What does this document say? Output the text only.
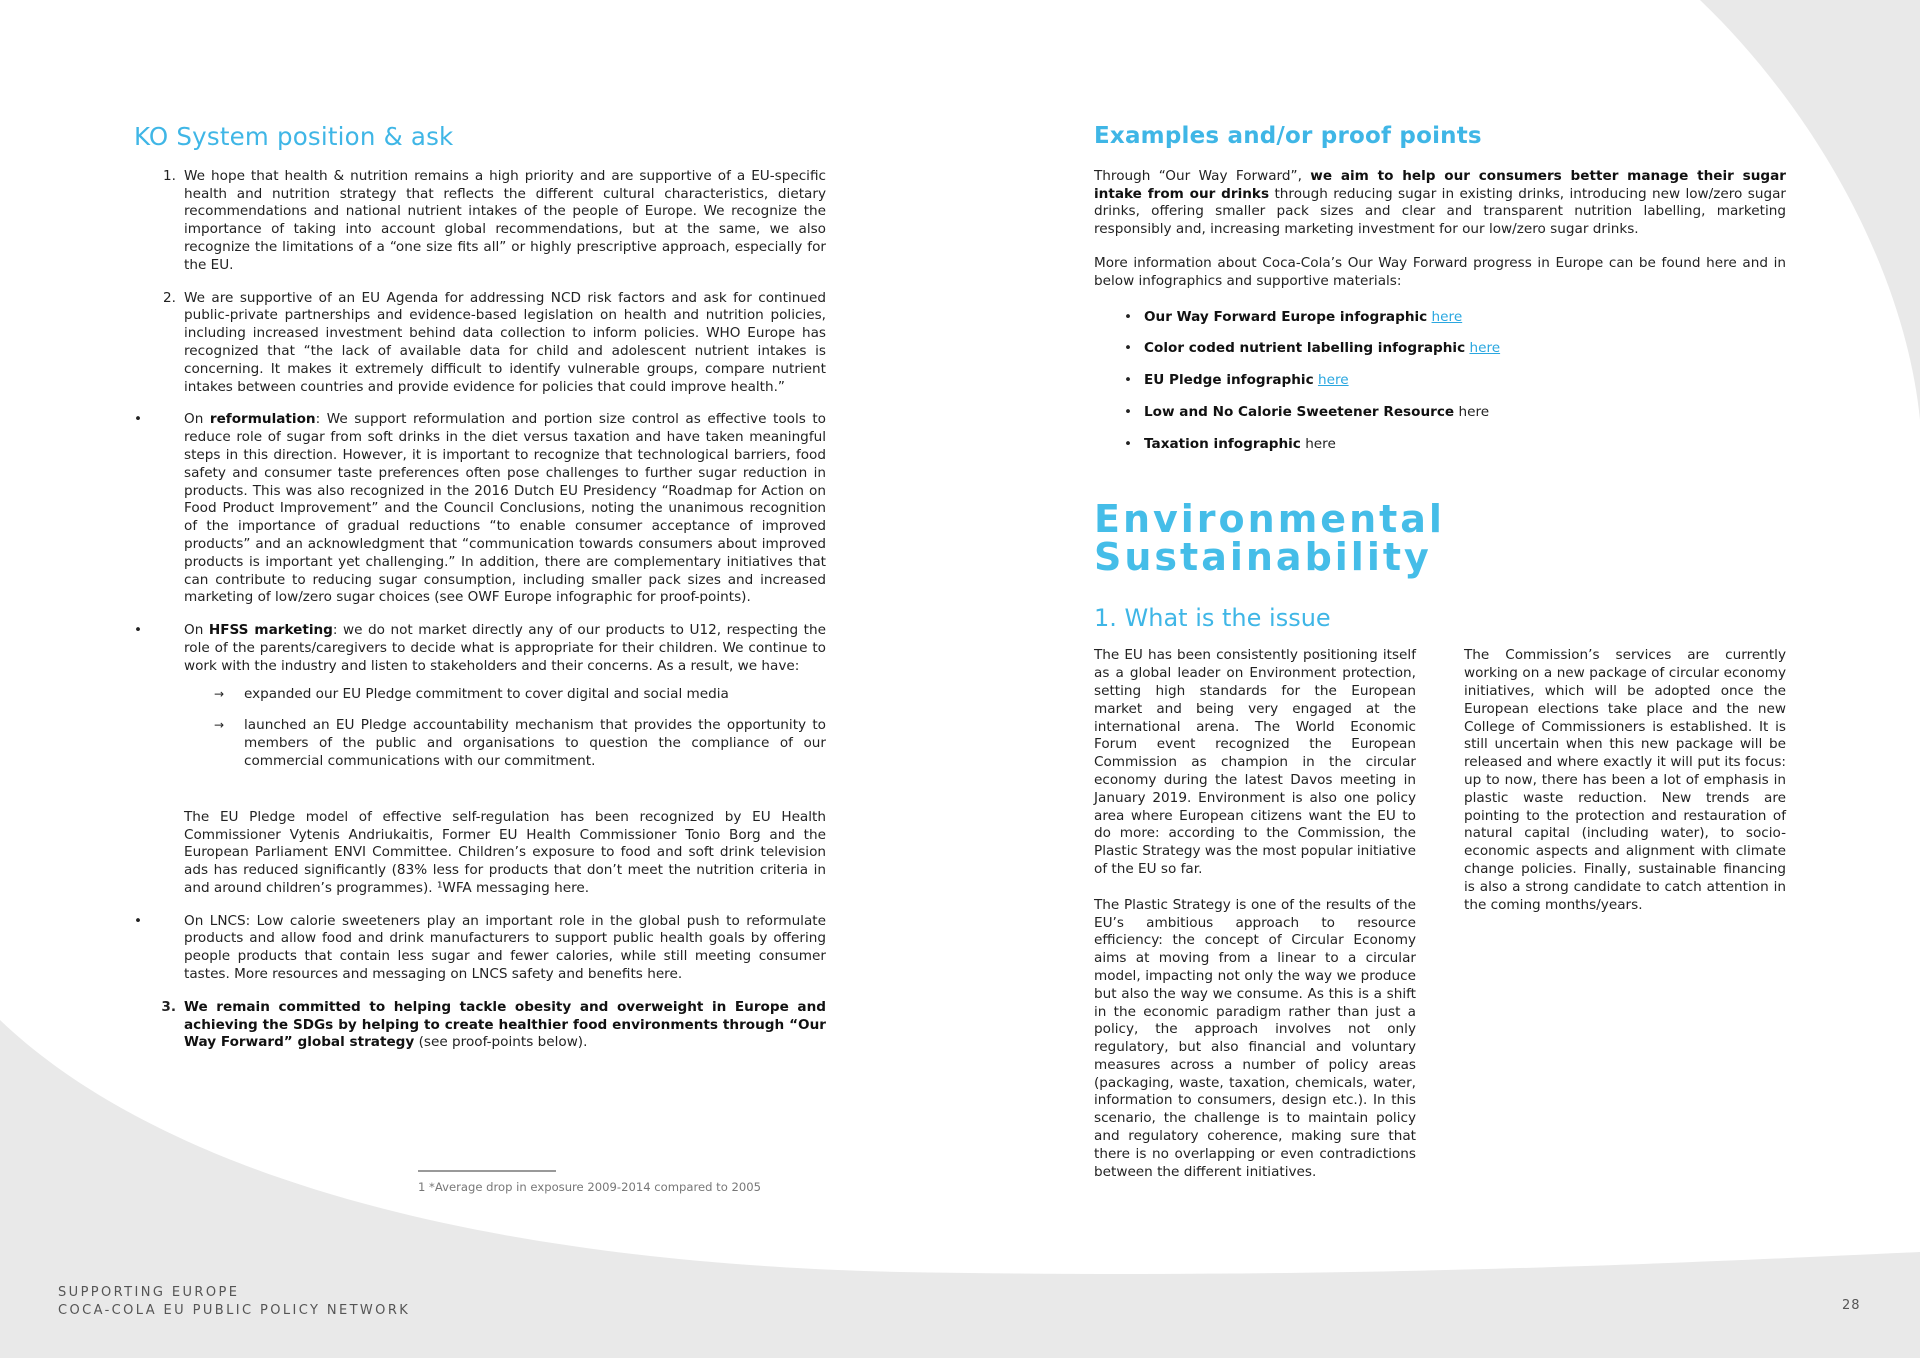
KO System position & ask
1. We hope that health & nutrition remains a high priority and are supportive of a EU-specific health and nutrition strategy that reflects the different cultural characteristics, dietary recommendations and national nutrient intakes of the people of Europe. We recognize the importance of taking into account global recommendations, but at the same, we also recognize the limitations of a “one size fits all” or highly prescriptive approach, especially for the EU.
2. We are supportive of an EU Agenda for addressing NCD risk factors and ask for continued public-private partnerships and evidence-based legislation on health and nutrition policies, including increased investment behind data collection to inform policies. WHO Europe has recognized that “the lack of available data for child and adolescent nutrient intakes is concerning. It makes it extremely difficult to identify vulnerable groups, compare nutrient intakes between countries and provide evidence for policies that could improve health.”
•	On reformulation: We support reformulation and portion size control as effective tools to reduce role of sugar from soft drinks in the diet versus taxation and have taken meaningful steps in this direction. However, it is important to recognize that technological barriers, food safety and consumer taste preferences often pose challenges to further sugar reduction in products. This was also recognized in the 2016 Dutch EU Presidency “Roadmap for Action on Food Product Improvement” and the Council Conclusions, noting the unanimous recognition of the importance of gradual reductions “to enable consumer acceptance of improved products” and an acknowledgment that “communication towards consumers about improved products is important yet challenging.” In addition, there are complementary initiatives that can contribute to reducing sugar consumption, including smaller pack sizes and increased marketing of low/zero sugar choices (see OWF Europe infographic for proof-points).
•	On HFSS marketing: we do not market directly any of our products to U12, respecting the role of the parents/caregivers to decide what is appropriate for their children. We continue to work with the industry and listen to stakeholders and their concerns. As a result, we have:
→ expanded our EU Pledge commitment to cover digital and social media
→ launched an EU Pledge accountability mechanism that provides the opportunity to members of the public and organisations to question the compliance of our commercial communications with our commitment.
The EU Pledge model of effective self-regulation has been recognized by EU Health Commissioner Vytenis Andriukaitis, Former EU Health Commissioner Tonio Borg and the European Parliament ENVI Committee. Children’s exposure to food and soft drink television ads has reduced significantly (83% less for products that don’t meet the nutrition criteria in and around children’s programmes). ¹WFA messaging here.
•	On LNCS: Low calorie sweeteners play an important role in the global push to reformulate products and allow food and drink manufacturers to support public health goals by offering people products that contain less sugar and fewer calories, while still meeting consumer tastes. More resources and messaging on LNCS safety and benefits here.
3. We remain committed to helping tackle obesity and overweight in Europe and achieving the SDGs by helping to create healthier food environments through “Our Way Forward” global strategy (see proof-points below).
1 *Average drop in exposure 2009-2014 compared to 2005
Examples and/or proof points

Through “Our Way Forward”, we aim to help our consumers better manage their sugar intake from our drinks through reducing sugar in existing drinks, introducing new low/zero sugar drinks, offering smaller pack sizes and clear and transparent nutrition labelling, marketing responsibly and, increasing marketing investment for our low/zero sugar drinks.

More information about Coca-Cola’s Our Way Forward progress in Europe can be found here and in below infographics and supportive materials:

• Our Way Forward Europe infographic here
• Color coded nutrient labelling infographic here
• EU Pledge infographic here
• Low and No Calorie Sweetener Resource here
• Taxation infographic here
Environmental
Sustainability
1. What is the issue

The EU has been consistently positioning itself as a global leader on Environment protection, setting high standards for the European market and being very engaged at the international arena. The World Economic Forum event recognized the European Commission as champion in the circular economy during the latest Davos meeting in January 2019. Environment is also one policy area where European citizens want the EU to do more: according to the Commission, the Plastic Strategy was the most popular initiative of the EU so far.

The Plastic Strategy is one of the results of the EU’s ambitious approach to resource efficiency: the concept of Circular Economy aims at moving from a linear to a circular model, impacting not only the way we produce but also the way we consume. As this is a shift in the economic paradigm rather than just a policy, the approach involves not only regulatory, but also financial and voluntary measures across a number of policy areas (packaging, waste, taxation, chemicals, water, information to consumers, design etc.). In this scenario, the challenge is to maintain policy and regulatory coherence, making sure that there is no overlapping or even contradictions between the different initiatives.

The Commission’s services are currently working on a new package of circular economy initiatives, which will be adopted once the European elections take place and the new College of Commissioners is established. It is still uncertain when this new package will be released and where exactly it will put its focus: up to now, there has been a lot of emphasis in plastic waste reduction. New trends are pointing to the protection and restauration of natural capital (including water), to socio-economic aspects and alignment with climate change policies. Finally, sustainable financing is also a strong candidate to catch attention in the coming months/years.

SUPPORTING EUROPE
COCA-COLA EU PUBLIC POLICY NETWORK	28
